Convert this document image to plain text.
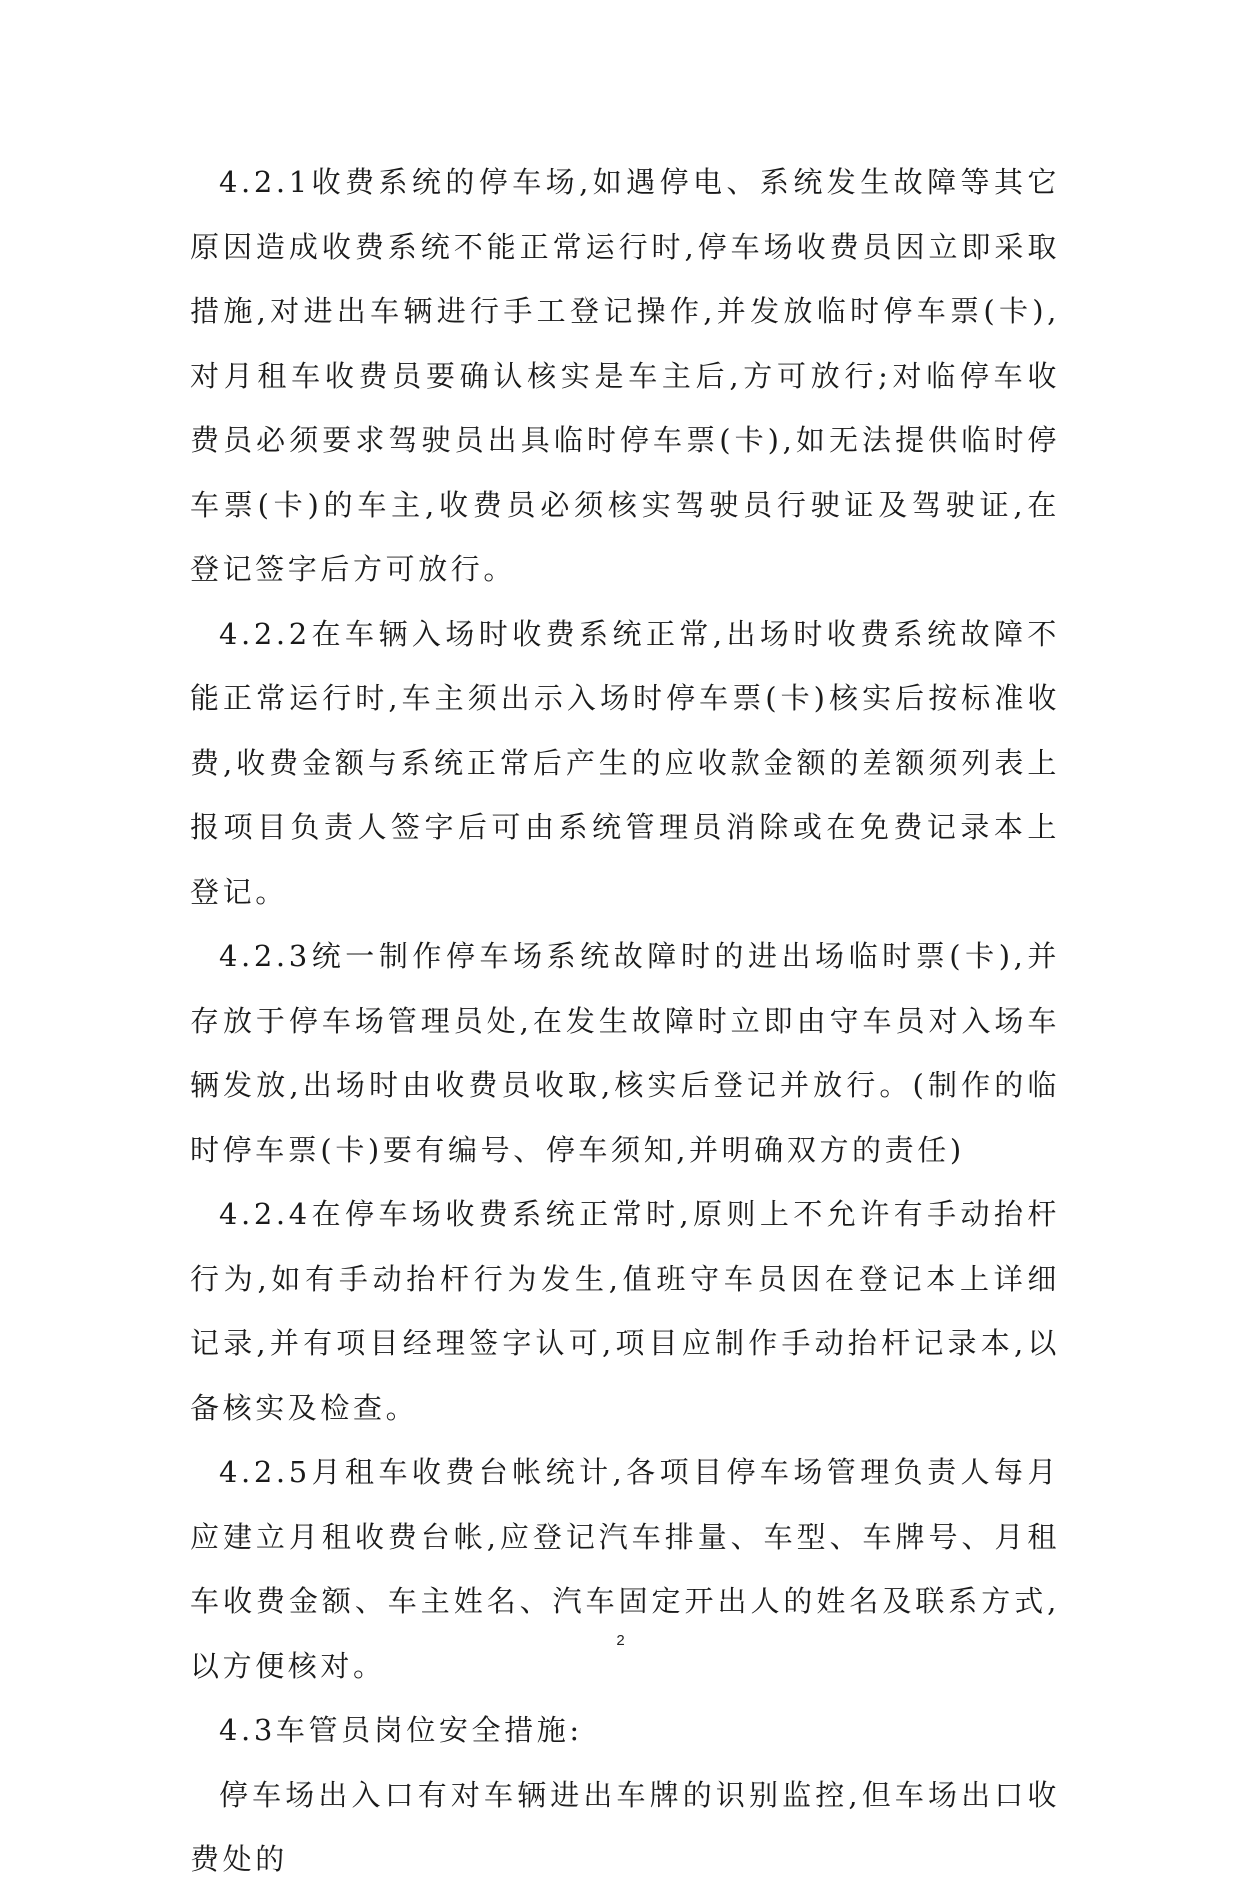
4.2.1收费系统的停车场,如遇停电、系统发生故障等其它原因造成收费系统不能正常运行时,停车场收费员因立即采取措施,对进出车辆进行手工登记操作,并发放临时停车票(卡),对月租车收费员要确认核实是车主后,方可放行;对临停车收费员必须要求驾驶员出具临时停车票(卡),如无法提供临时停车票(卡)的车主,收费员必须核实驾驶员行驶证及驾驶证,在登记签字后方可放行。

4.2.2在车辆入场时收费系统正常,出场时收费系统故障不能正常运行时,车主须出示入场时停车票(卡)核实后按标准收费,收费金额与系统正常后产生的应收款金额的差额须列表上报项目负责人签字后可由系统管理员消除或在免费记录本上登记。

4.2.3统一制作停车场系统故障时的进出场临时票(卡),并存放于停车场管理员处,在发生故障时立即由守车员对入场车辆发放,出场时由收费员收取,核实后登记并放行。(制作的临时停车票(卡)要有编号、停车须知,并明确双方的责任)

4.2.4在停车场收费系统正常时,原则上不允许有手动抬杆行为,如有手动抬杆行为发生,值班守车员因在登记本上详细记录,并有项目经理签字认可,项目应制作手动抬杆记录本,以备核实及检查。

4.2.5月租车收费台帐统计,各项目停车场管理负责人每月应建立月租收费台帐,应登记汽车排量、车型、车牌号、月租车收费金额、车主姓名、汽车固定开出人的姓名及联系方式,以方便核对。

4.3车管员岗位安全措施:

停车场出入口有对车辆进出车牌的识别监控,但车场出口收费处的

2
